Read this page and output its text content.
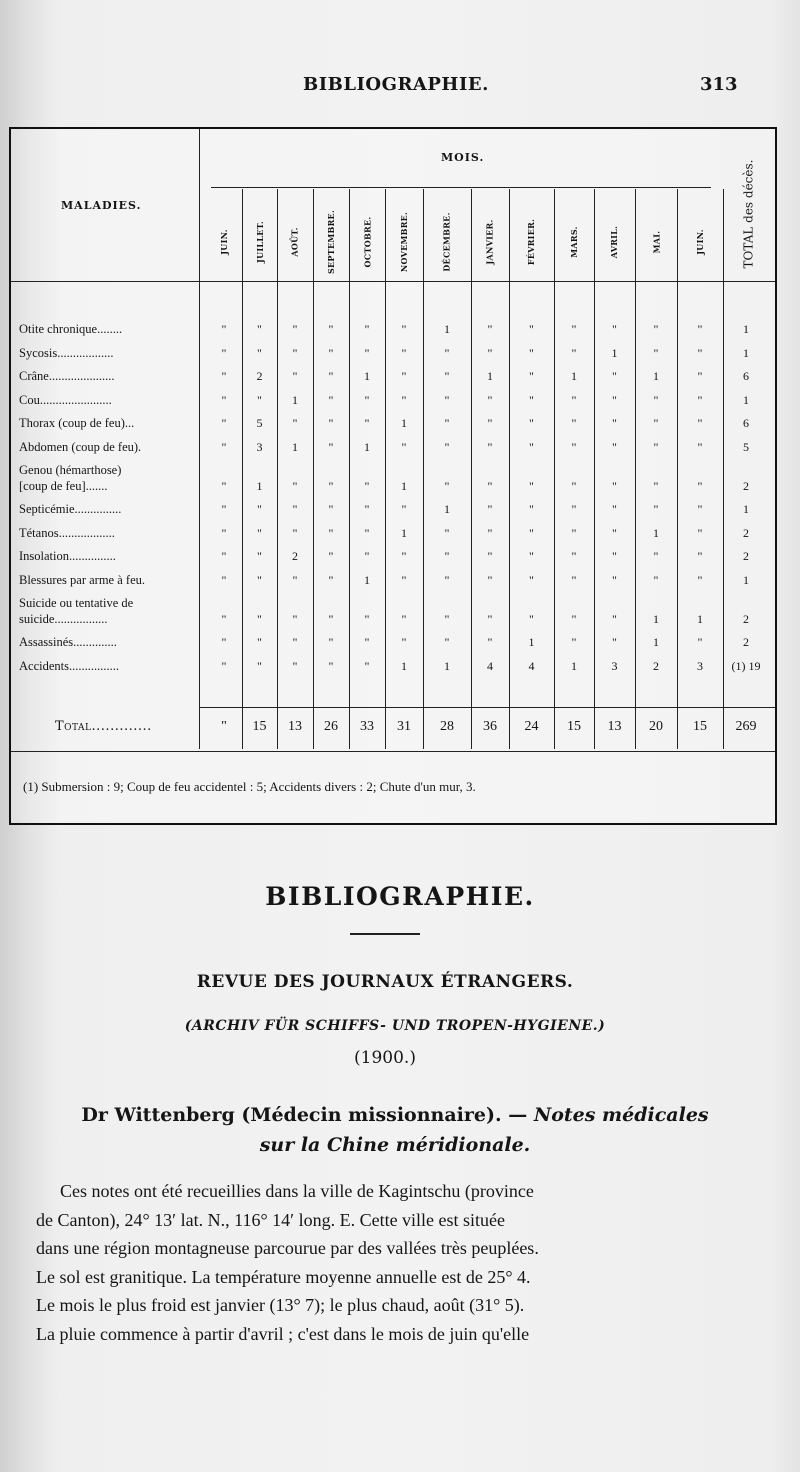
BIBLIOGRAPHIE.	313
MOIS.
MALADIES.	TOTAL des décès.
(1) Submersion : 9; Coup de feu accidentel : 5; Accidents divers : 2; Chute d'un mur, 3.
JUIN.	JUILLET.	AOÛT.	SEPTEMBRE.	OCTOBRE.	NOVEMBRE.	DÉCEMBRE.	JANVIER.	FÉVRIER.	MARS.	AVRIL.	MAI.	JUIN.
Otite chronique........	"	"	"	"	"	"	1	"	"	"	"	"	"	1
Sycosis..................	"	"	"	"	"	"	"	"	"	"	1	"	"	1
Crâne.....................	"	2	"	"	1	"	"	1	"	1	"	1	"	6
Cou.......................	"	"	1	"	"	"	"	"	"	"	"	"	"	1
Thorax (coup de feu)...	"	5	"	"	"	1	"	"	"	"	"	"	"	6
Abdomen (coup de feu).	"	3	1	"	1	"	"	"	"	"	"	"	"	5
Genou (hémarthose)
[coup de feu].......	"	1	"	"	"	1	"	"	"	"	"	"	"	2
Septicémie...............	"	"	"	"	"	"	1	"	"	"	"	"	"	1
Tétanos..................	"	"	"	"	"	1	"	"	"	"	"	1	"	2
Insolation...............	"	"	2	"	"	"	"	"	"	"	"	"	"	2
Blessures par arme à feu.	"	"	"	"	1	"	"	"	"	"	"	"	"	1
Suicide ou tentative de
suicide.................	"	"	"	"	"	"	"	"	"	"	"	1	1	2
Assassinés..............	"	"	"	"	"	"	"	"	1	"	"	1	"	2
Accidents................	"	"	"	"	"	1	1	4	4	1	3	2	3	(1) 19
Total.............	"	15	13	26	33	31	28	36	24	15	13	20	15	269
BIBLIOGRAPHIE.
REVUE DES JOURNAUX ÉTRANGERS.
(ARCHIV FÜR SCHIFFS- UND TROPEN-HYGIENE.)
(1900.)
Dr Wittenberg (Médecin missionnaire). — Notes médicales
sur la Chine méridionale.
Ces notes ont été recueillies dans la ville de Kagintschu (province
de Canton), 24° 13′ lat. N., 116° 14′ long. E. Cette ville est située
dans une région montagneuse parcourue par des vallées très peuplées.
Le sol est granitique. La température moyenne annuelle est de 25° 4.
Le mois le plus froid est janvier (13° 7); le plus chaud, août (31° 5).
La pluie commence à partir d'avril ; c'est dans le mois de juin qu'elle
